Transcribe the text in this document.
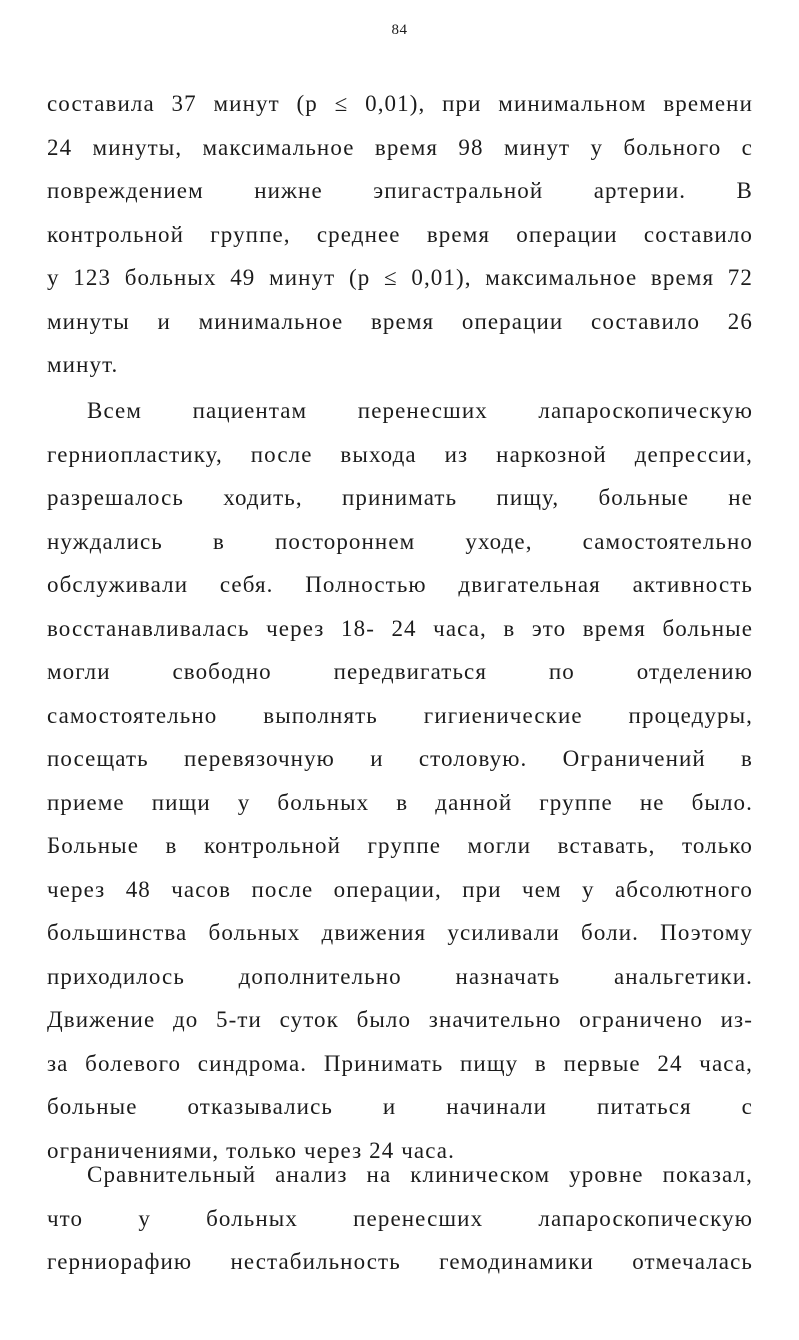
84
составила 37 минут (р ≤ 0,01), при минимальном времени
24 минуты, максимальное время 98 минут у больного с
повреждением нижне эпигастральной артерии. В
контрольной группе, среднее время операции составило
у 123 больных 49 минут (р ≤ 0,01), максимальное время 72
минуты и минимальное время операции составило 26
минут.
Всем пациентам перенесших лапароскопическую
герниопластику, после выхода из наркозной депрессии,
разрешалось ходить, принимать пищу, больные не
нуждались в постороннем уходе, самостоятельно
обслуживали себя. Полностью двигательная активность
восстанавливалась через 18- 24 часа, в это время больные
могли свободно передвигаться по отделению
самостоятельно выполнять гигиенические процедуры,
посещать перевязочную и столовую. Ограничений в
приеме пищи у больных в данной группе не было.
Больные в контрольной группе могли вставать, только
через 48 часов после операции, при чем у абсолютного
большинства больных движения усиливали боли. Поэтому
приходилось дополнительно назначать анальгетики.
Движение до 5-ти суток было значительно ограничено из-
за болевого синдрома. Принимать пищу в первые 24 часа,
больные отказывались и начинали питаться с
ограничениями, только через 24 часа.
Сравнительный анализ на клиническом уровне показал,
что у больных перенесших лапароскопическую
герниорафию нестабильность гемодинамики отмечалась
